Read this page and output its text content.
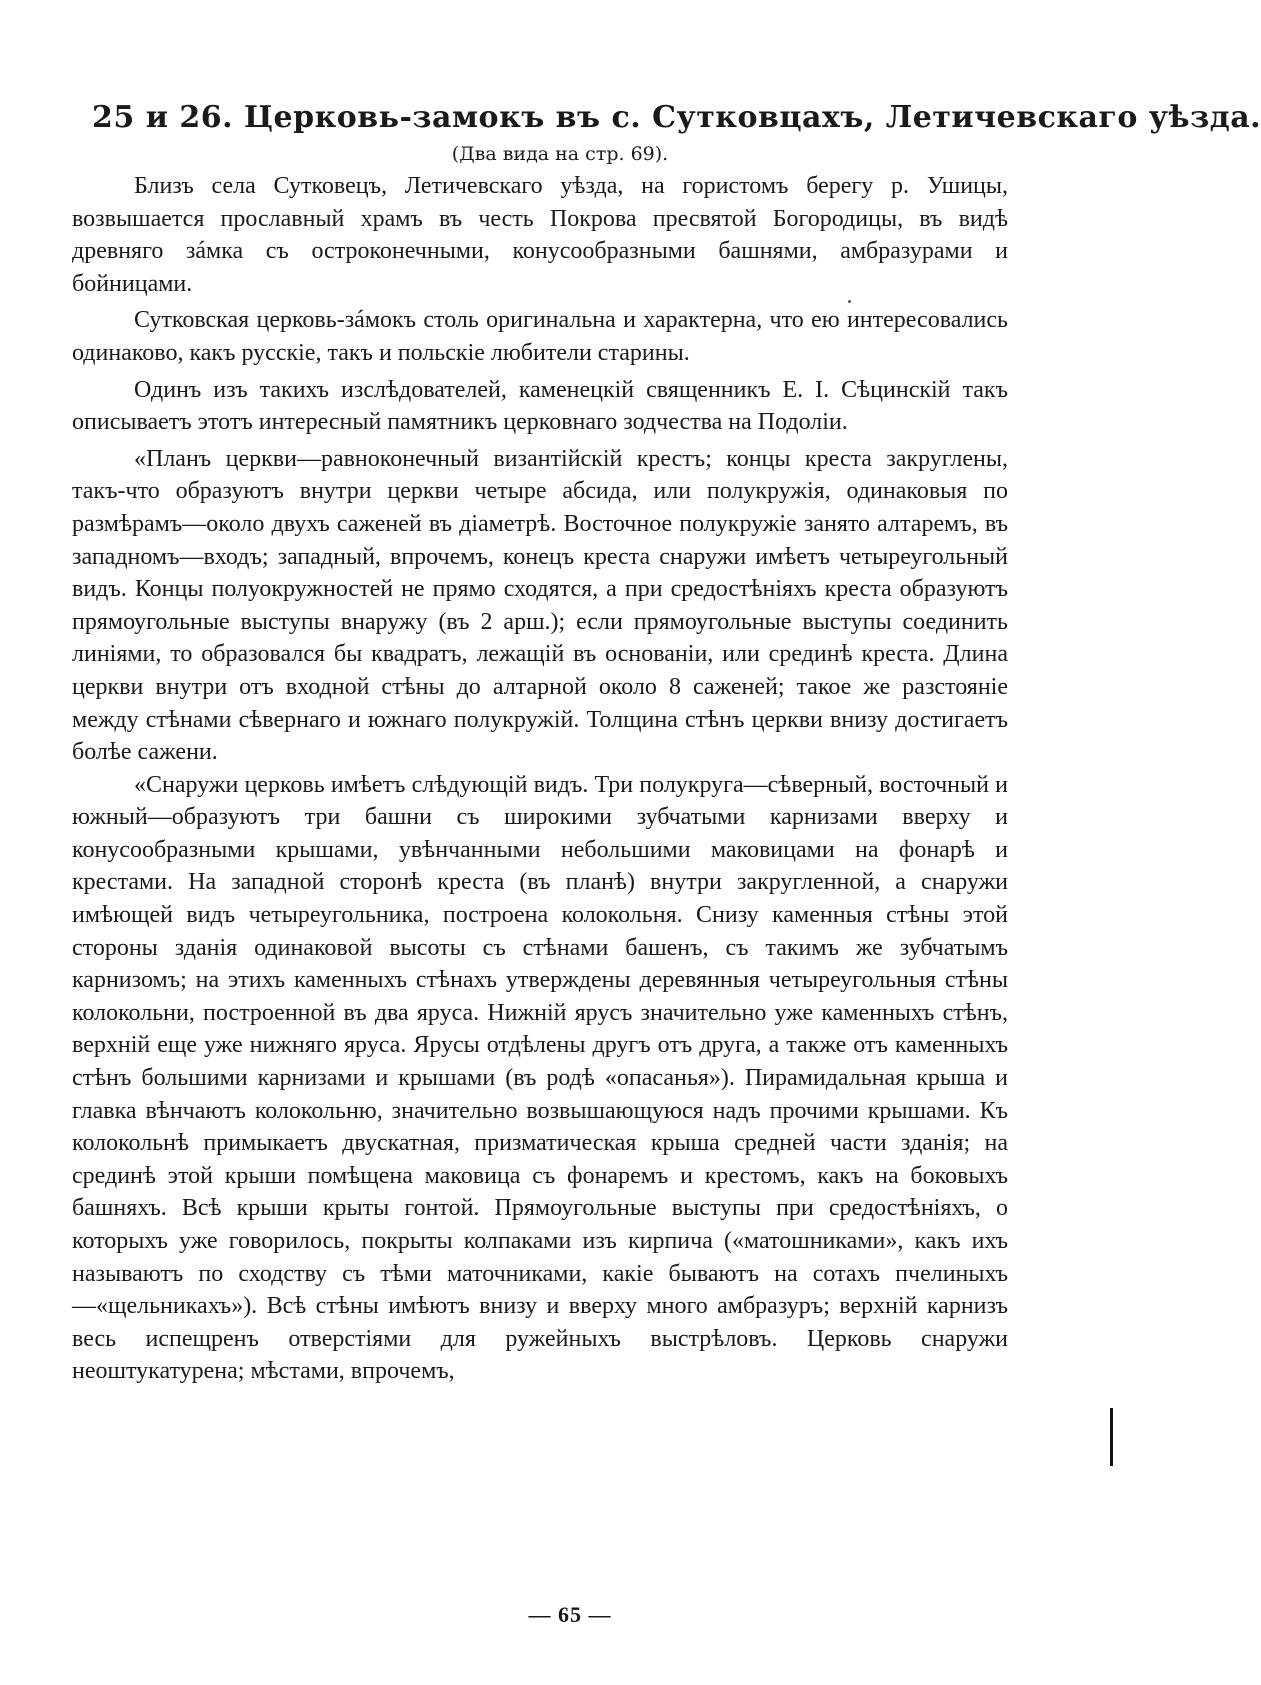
25 и 26. Церковь-замокъ въ с. Сутковцахъ, Летичевскаго уѣзда.
(Два вида на стр. 69).

Близъ села Сутковецъ, Летичевскаго уѣзда, на гористомъ берегу р. Ушицы, возвышается прославный храмъ въ честь Покрова пресвятой Богородицы, въ видѣ древняго зáмка съ остроконечными, конусообразными башнями, амбразурами и бойницами.

Сутковская церковь-зáмокъ столь оригинальна и характерна, что ею интересовались одинаково, какъ русскіе, такъ и польскіе любители старины.

Одинъ изъ такихъ изслѣдователей, каменецкій священникъ Е. І. Сѣцинскій такъ описываетъ этотъ интересный памятникъ церковнаго зодчества на Подоліи.

«Планъ церкви—равноконечный византійскій крестъ; концы креста закруглены, такъ-что образуютъ внутри церкви четыре абсида, или полукружія, одинаковыя по размѣрамъ—около двухъ саженей въ діаметрѣ. Восточное полукружіе занято алтаремъ, въ западномъ—входъ; западный, впрочемъ, конецъ креста снаружи имѣетъ четыреугольный видъ. Концы полуокружностей не прямо сходятся, а при средостѣніяхъ креста образуютъ прямоугольные выступы внаружу (въ 2 арш.); если прямоугольные выступы соединить линіями, то образовался бы квадратъ, лежащій въ основаніи, или срединѣ креста. Длина церкви внутри отъ входной стѣны до алтарной около 8 саженей; такое же разстояніе между стѣнами сѣвернаго и южнаго полукружій. Толщина стѣнъ церкви внизу достигаетъ болѣе сажени.

«Снаружи церковь имѣетъ слѣдующій видъ. Три полукруга—сѣверный, восточный и южный—образуютъ три башни съ широкими зубчатыми карнизами вверху и конусообразными крышами, увѣнчанными небольшими маковицами на фонарѣ и крестами. На западной сторонѣ креста (въ планѣ) внутри закругленной, а снаружи имѣющей видъ четыреугольника, построена колокольня. Снизу каменныя стѣны этой стороны зданія одинаковой высоты съ стѣнами башенъ, съ такимъ же зубчатымъ карнизомъ; на этихъ каменныхъ стѣнахъ утверждены деревянныя четыреугольныя стѣны колокольни, построенной въ два яруса. Нижній ярусъ значительно уже каменныхъ стѣнъ, верхній еще уже нижняго яруса. Ярусы отдѣлены другъ отъ друга, а также отъ каменныхъ стѣнъ большими карнизами и крышами (въ родѣ «опасанья»). Пирамидальная крыша и главка вѣнчаютъ колокольню, значительно возвышающуюся надъ прочими крышами. Къ колокольнѣ примыкаетъ двускатная, призматическая крыша средней части зданія; на срединѣ этой крыши помѣщена маковица съ фонаремъ и крестомъ, какъ на боковыхъ башняхъ. Всѣ крыши крыты гонтой. Прямоугольные выступы при средостѣніяхъ, о которыхъ уже говорилось, покрыты колпаками изъ кирпича («матошниками», какъ ихъ называютъ по сходству съ тѣми маточниками, какіе бываютъ на сотахъ пчелиныхъ—«щельникахъ»). Всѣ стѣны имѣютъ внизу и вверху много амбразуръ; верхній карнизъ весь испещренъ отверстіями для ружейныхъ выстрѣловъ. Церковь снаружи неоштукатурена; мѣстами, впрочемъ,

— 65 —
